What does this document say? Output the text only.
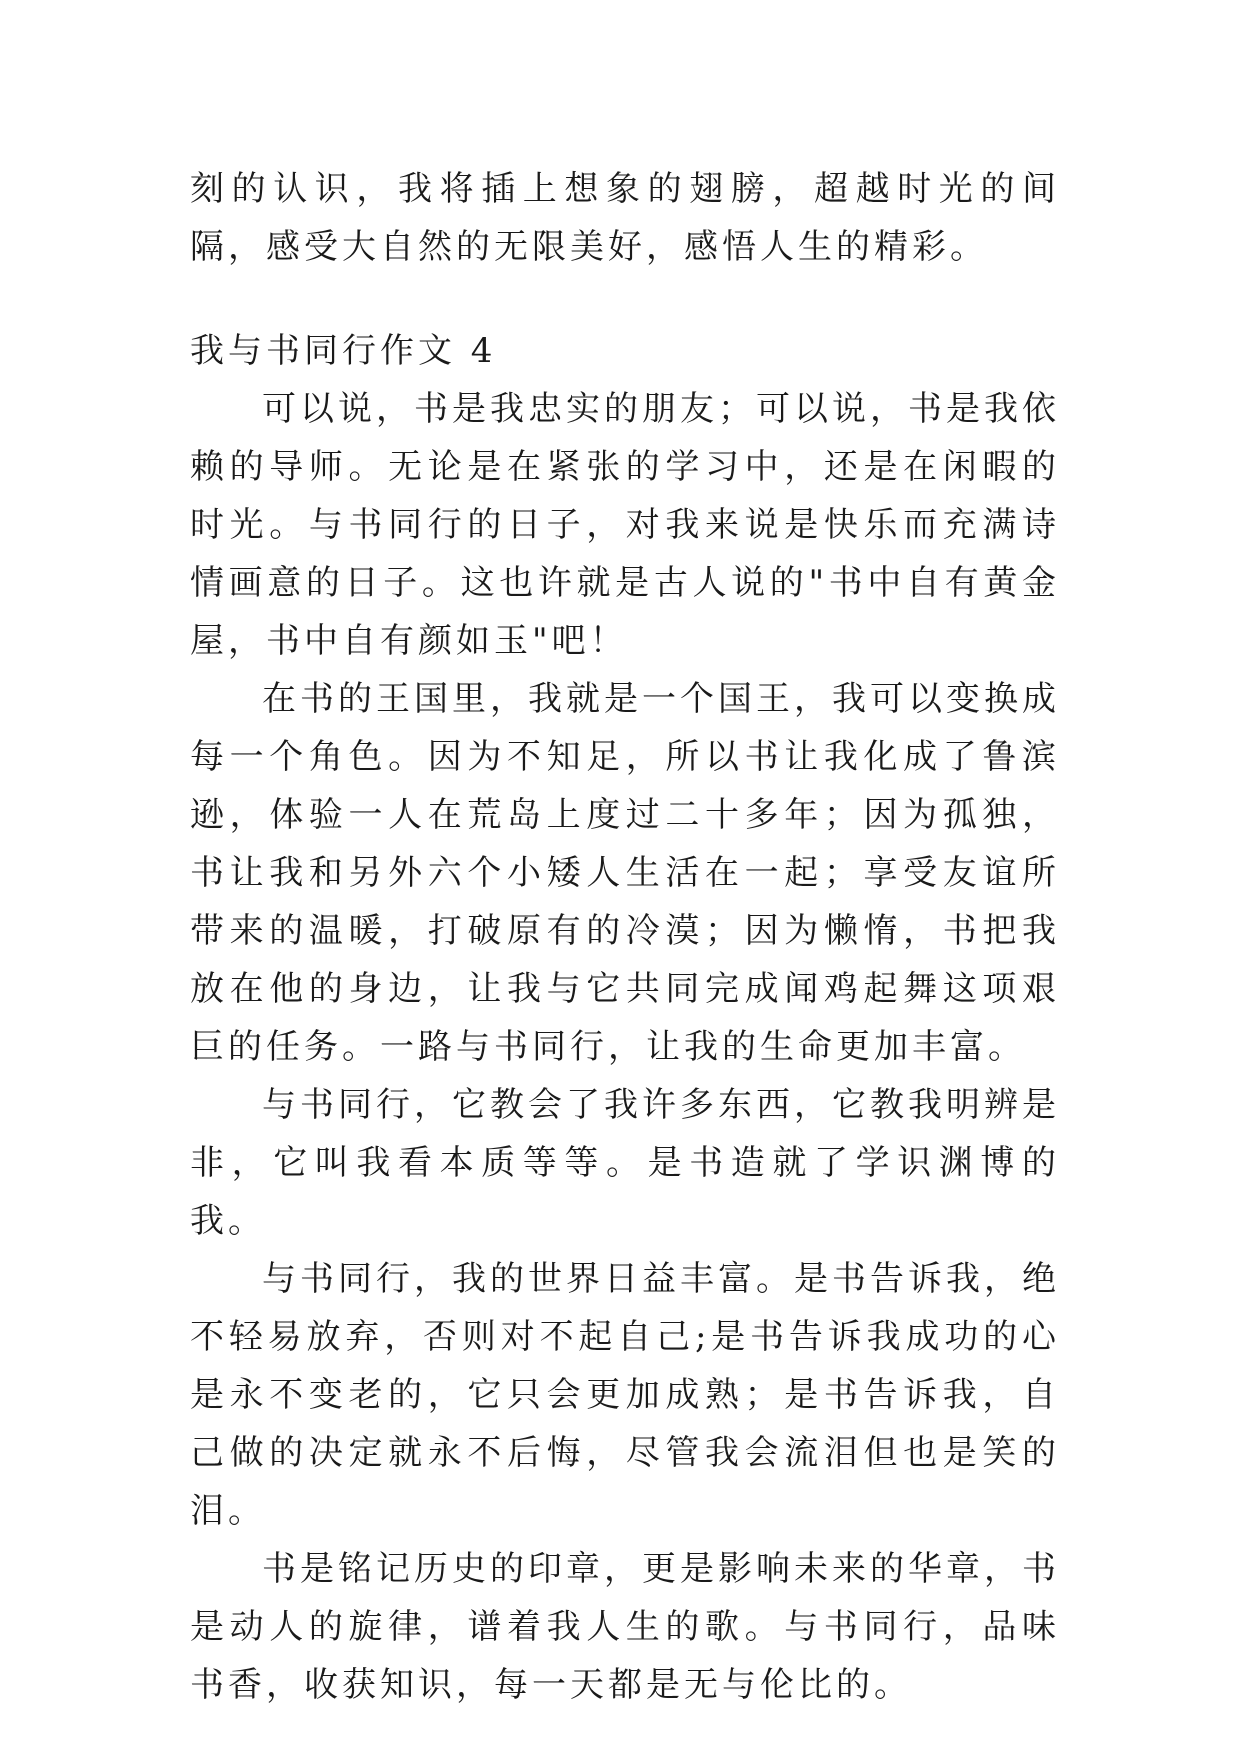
刻的认识，我将插上想象的翅膀，超越时光的间隔，感受大自然的无限美好，感悟人生的精彩。

我与书同行作文 4

可以说，书是我忠实的朋友；可以说，书是我依赖的导师。无论是在紧张的学习中，还是在闲暇的时光。与书同行的日子，对我来说是快乐而充满诗情画意的日子。这也许就是古人说的"书中自有黄金屋，书中自有颜如玉"吧！

在书的王国里，我就是一个国王，我可以变换成每一个角色。因为不知足，所以书让我化成了鲁滨逊，体验一人在荒岛上度过二十多年；因为孤独，书让我和另外六个小矮人生活在一起；享受友谊所带来的温暖，打破原有的冷漠；因为懒惰，书把我放在他的身边，让我与它共同完成闻鸡起舞这项艰巨的任务。一路与书同行，让我的生命更加丰富。

与书同行，它教会了我许多东西，它教我明辨是非，它叫我看本质等等。是书造就了学识渊博的我。

与书同行，我的世界日益丰富。是书告诉我，绝不轻易放弃，否则对不起自己;是书告诉我成功的心是永不变老的，它只会更加成熟；是书告诉我，自己做的决定就永不后悔，尽管我会流泪但也是笑的泪。

书是铭记历史的印章，更是影响未来的华章，书是动人的旋律，谱着我人生的歌。与书同行，品味书香，收获知识，每一天都是无与伦比的。
